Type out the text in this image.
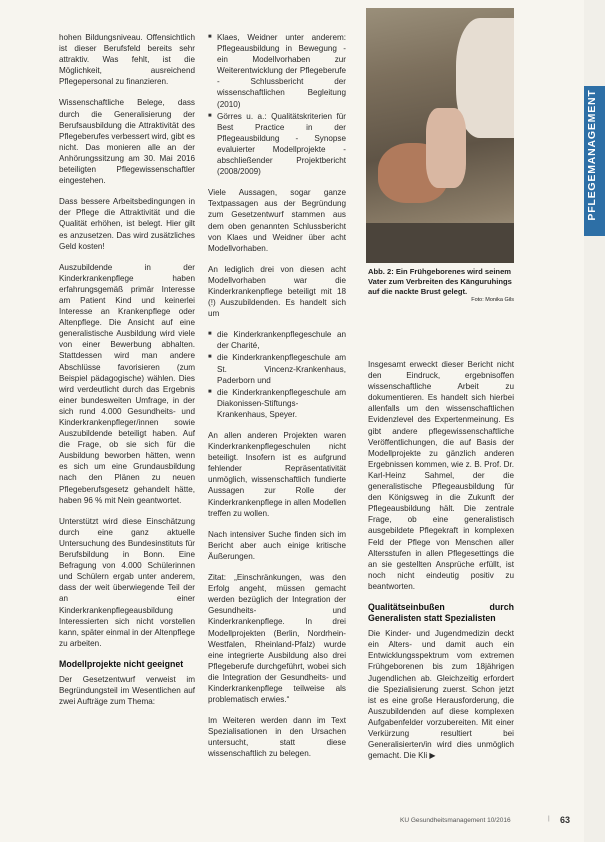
hohen Bildungsniveau. Offensichtlich ist dieser Berufsfeld bereits sehr attraktiv. Was fehlt, ist die Möglichkeit, ausreichend Pflegepersonal zu finanzieren.

Wissenschaftliche Belege, dass durch die Generalisierung der Berufsausbildung die Attraktivität des Pflegeberufes verbessert wird, gibt es nicht. Das monieren alle an der Anhörungssitzung am 30. Mai 2016 beteiligten Pflegewissenschaftler eingestehen.

Dass bessere Arbeitsbedingungen in der Pflege die Attraktivität und die Qualität erhöhen, ist belegt. Hier gilt es anzusetzen. Das wird zusätzliches Geld kosten!

Auszubildende in der Kinderkrankenpflege haben erfahrungsgemäß primär Interesse am Patient Kind und keinerlei Interesse an Krankenpflege oder Altenpflege. Die Ansicht auf eine generalistische Ausbildung wird viele von einer Bewerbung abhalten. Stattdessen wird man andere Abschlüsse favorisieren (zum Beispiel pädagogische) wählen. Dies wird verdeutlicht durch das Ergebnis einer bundesweiten Umfrage, in der sich rund 4.000 Gesundheits- und Kinderkrankenpfleger/innen sowie Auszubildende beteiligt haben. Auf die Frage, ob sie sich für die Ausbildung beworben hätten, wenn es sich um eine Grundausbildung nach den Plänen zu neuen Pflegeberufsgesetz gehandelt hätte, haben 96 % mit Nein geantwortet.

Unterstützt wird diese Einschätzung durch eine ganz aktuelle Untersuchung des Bundesinstituts für Berufsbildung in Bonn. Eine Befragung von 4.000 Schülerinnen und Schülern ergab unter anderem, dass der weit überwiegende Teil der an einer Kinderkrankenpflegeausbildung Interessierten sich nicht vorstellen kann, später einmal in der Altenpflege zu arbeiten.

Modellprojekte nicht geeignet

Der Gesetzentwurf verweist im Begründungsteil im Wesentlichen auf zwei Aufträge zum Thema:

■ Klaes, Weidner unter anderem: Pflegeausbildung in Bewegung - ein Modellvorhaben zur Weiterentwicklung der Pflegeberufe - Schlussbericht der wissenschaftlichen Begleitung (2010)
■ Görres u. a.: Qualitätskriterien für Best Practice in der Pflegeausbildung - Synopse evaluierter Modellprojekte - abschließender Projektbericht (2008/2009)

Viele Aussagen, sogar ganze Textpassagen aus der Begründung zum Gesetzentwurf stammen aus dem oben genannten Schlussbericht von Klaes und Weidner über acht Modellvorhaben.

An lediglich drei von diesen acht Modellvorhaben war die Kinderkrankenpflege beteiligt mit 18 (!) Auszubildenden. Es handelt sich um

■ die Kinderkrankenpflegeschule an der Charité,
■ die Kinderkrankenpflegeschule am St. Vincenz-Krankenhaus, Paderborn und
■ die Kinderkrankenpflegeschule am Diakonissen-Stiftungs-Krankenhaus, Speyer.

An allen anderen Projekten waren Kinderkrankenpflegeschulen nicht beteiligt. Insofern ist es aufgrund fehlender Repräsentativität unmöglich, wissenschaftlich fundierte Aussagen zur Rolle der Kinderkrankenpflege in allen Modellen treffen zu wollen.

Nach intensiver Suche finden sich im Bericht aber auch einige kritische Äußerungen.

Zitat: „Einschränkungen, was den Erfolg angeht, müssen gemacht werden bezüglich der Integration der Gesundheits- und Kinderkrankenpflege. In drei Modellprojekten (Berlin, Nordrhein-Westfalen, Rheinland-Pfalz) wurde eine integrierte Ausbildung also drei Pflegeberufe durchgeführt, wobei sich die Integration der Gesundheits- und Kinderkrankenpflege teilweise als problematisch erwies.“

Im Weiteren werden dann im Text Spezialisationen in den Ursachen untersucht, statt diese wissenschaftlich zu belegen.

Abb. 2: Ein Frühgeborenes wird seinem Vater zum Verbreiten des Känguruhings auf die nackte Brust gelegt.
Foto: Monika Gils

Insgesamt erweckt dieser Bericht nicht den Eindruck, ergebnisoffen wissenschaftliche Arbeit zu dokumentieren. Es handelt sich hierbei allenfalls um den wissenschaftlichen Evidenzlevel des Expertenmeinung. Es gibt andere pflegewissenschaftliche Veröffentlichungen, die auf Basis der Modellprojekte zu gänzlich anderen Ergebnissen kommen, wie z. B. Prof. Dr. Karl-Heinz Sahmel, der die generalistische Pflegeausbildung für den Königsweg in die Zukunft der Pflegeausbildung hält. Die zentrale Frage, ob eine generalistisch ausgebildete Pflegekraft in komplexen Feld der Pflege von Menschen aller Altersstufen in allen Pflegesettings die an sie gestellten Ansprüche erfüllt, ist noch nicht eindeutig positiv zu beantworten.

Qualitätseinbußen durch Generalisten statt Spezialisten

Die Kinder- und Jugendmedizin deckt ein Alters- und damit auch ein Entwicklungsspektrum vom extremen Frühgeborenen bis zum 18jährigen Jugendlichen ab. Gleichzeitig erfordert die Spezialisierung zuerst. Schon jetzt ist es eine große Herausforderung, die Auszubildenden auf diese komplexen Aufgabenfelder vorzubereiten. Mit einer Verkürzung resultiert bei Generalisierten/in wird dies unmöglich gemacht. Die Kli ▶

PFLEGEMANAGEMENT
KU Gesundheitsmanagement 10/2016	| 63
